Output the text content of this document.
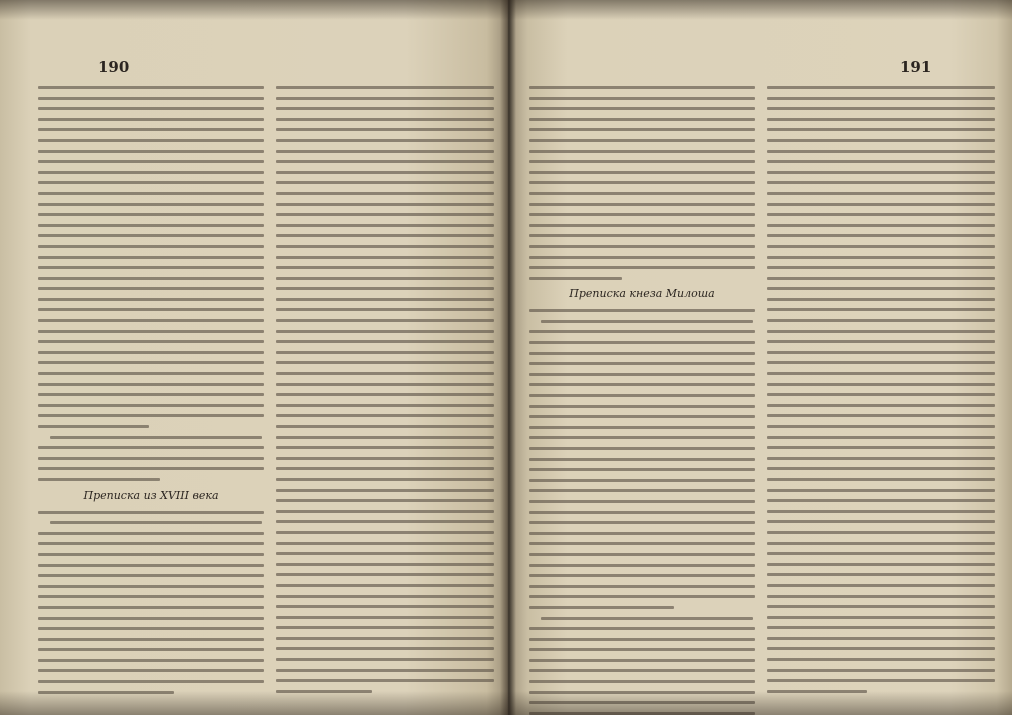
190
Преписка из XVIII века
191
Преписка кнеза Милоша
